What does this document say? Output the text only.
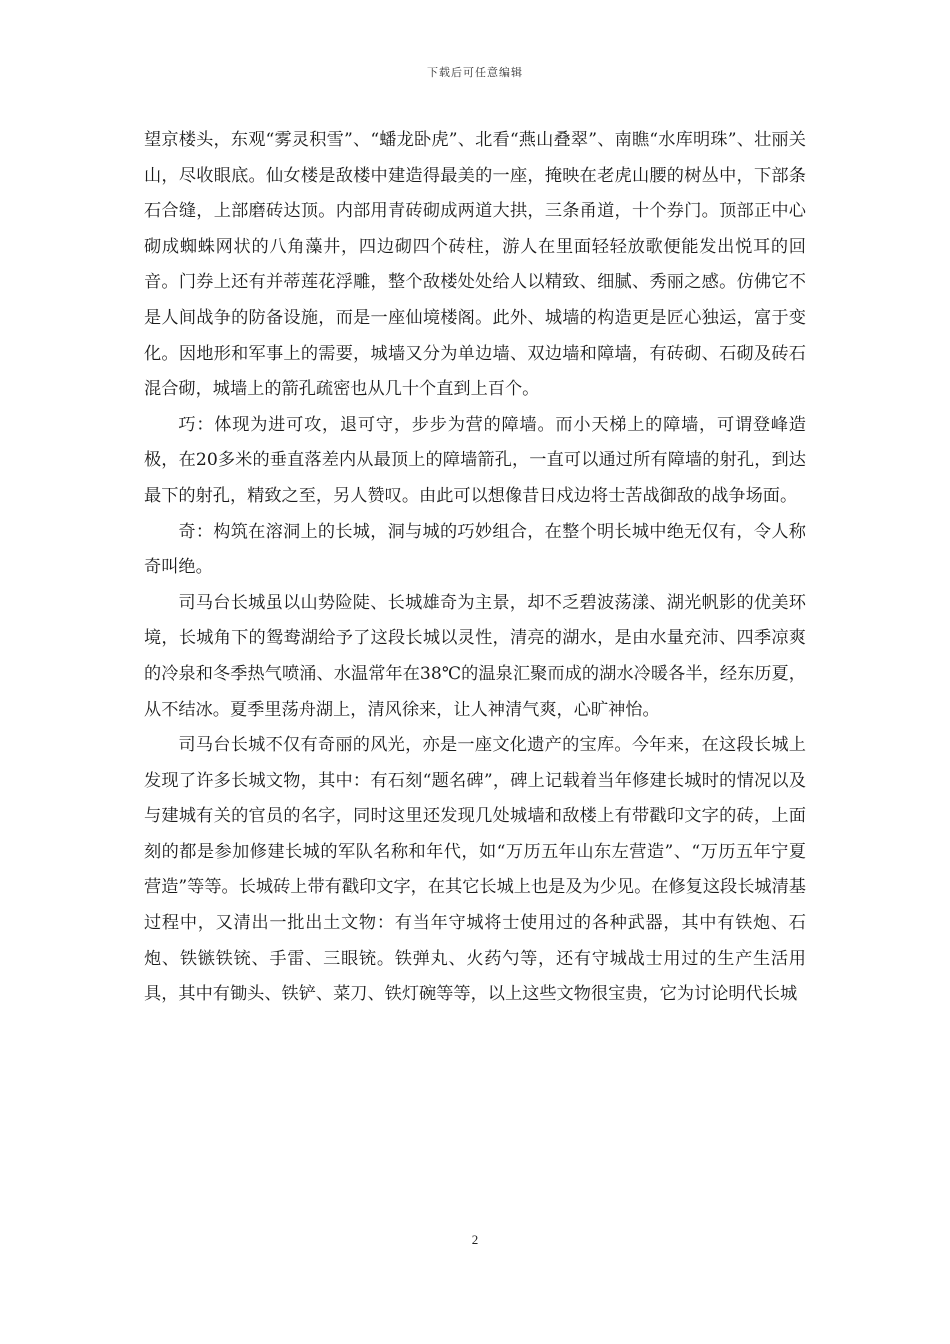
下载后可任意编辑

望京楼头，东观“雾灵积雪”、“蟠龙卧虎”、北看“燕山叠翠”、南瞧“水库明珠”、壮丽关山，尽收眼底。仙女楼是敌楼中建造得最美的一座，掩映在老虎山腰的树丛中，下部条石合缝，上部磨砖达顶。内部用青砖砌成两道大拱，三条甬道，十个券门。顶部正中心砌成蜘蛛网状的八角藻井，四边砌四个砖柱，游人在里面轻轻放歌便能发出悦耳的回音。门券上还有并蒂莲花浮雕，整个敌楼处处给人以精致、细腻、秀丽之感。仿佛它不是人间战争的防备设施，而是一座仙境楼阁。此外、城墙的构造更是匠心独运，富于变化。因地形和军事上的需要，城墙又分为单边墙、双边墙和障墙，有砖砌、石砌及砖石混合砌，城墙上的箭孔疏密也从几十个直到上百个。

巧：体现为进可攻，退可守，步步为营的障墙。而小天梯上的障墙，可谓登峰造极，在20多米的垂直落差内从最顶上的障墙箭孔，一直可以通过所有障墙的射孔，到达最下的射孔，精致之至，另人赞叹。由此可以想像昔日戍边将士苦战御敌的战争场面。

奇：构筑在溶洞上的长城，洞与城的巧妙组合，在整个明长城中绝无仅有，令人称奇叫绝。

司马台长城虽以山势险陡、长城雄奇为主景，却不乏碧波荡漾、湖光帆影的优美环境，长城角下的鸳鸯湖给予了这段长城以灵性，清亮的湖水，是由水量充沛、四季凉爽的冷泉和冬季热气喷涌、水温常年在38℃的温泉汇聚而成的湖水冷暖各半，经东历夏，从不结冰。夏季里荡舟湖上，清风徐来，让人神清气爽，心旷神怡。

司马台长城不仅有奇丽的风光，亦是一座文化遗产的宝库。今年来，在这段长城上发现了许多长城文物，其中：有石刻“题名碑”，碑上记载着当年修建长城时的情况以及与建城有关的官员的名字，同时这里还发现几处城墙和敌楼上有带戳印文字的砖，上面刻的都是参加修建长城的军队名称和年代，如“万历五年山东左营造”、“万历五年宁夏营造”等等。长城砖上带有戳印文字，在其它长城上也是及为少见。在修复这段长城清基过程中，又清出一批出土文物：有当年守城将士使用过的各种武器，其中有铁炮、石炮、铁镞铁铳、手雷、三眼铳。铁弹丸、火药勺等，还有守城战士用过的生产生活用具，其中有锄头、铁铲、菜刀、铁灯碗等等，以上这些文物很宝贵，它为讨论明代长城

2
